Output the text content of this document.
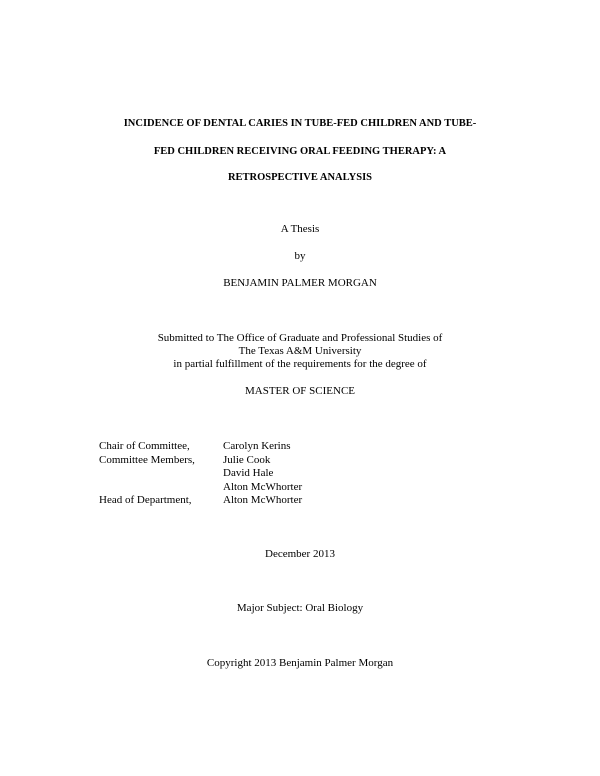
INCIDENCE OF DENTAL CARIES IN TUBE-FED CHILDREN AND TUBE-
FED CHILDREN RECEIVING ORAL FEEDING THERAPY: A
RETROSPECTIVE ANALYSIS
A Thesis
by
BENJAMIN PALMER MORGAN
Submitted to The Office of Graduate and Professional Studies of
The Texas A&M University
in partial fulfillment of the requirements for the degree of
MASTER OF SCIENCE
Chair of Committee,	Carolyn Kerins
Committee Members,	Julie Cook
David Hale
Alton McWhorter
Head of Department,	Alton McWhorter
December 2013
Major Subject: Oral Biology
Copyright 2013 Benjamin Palmer Morgan
